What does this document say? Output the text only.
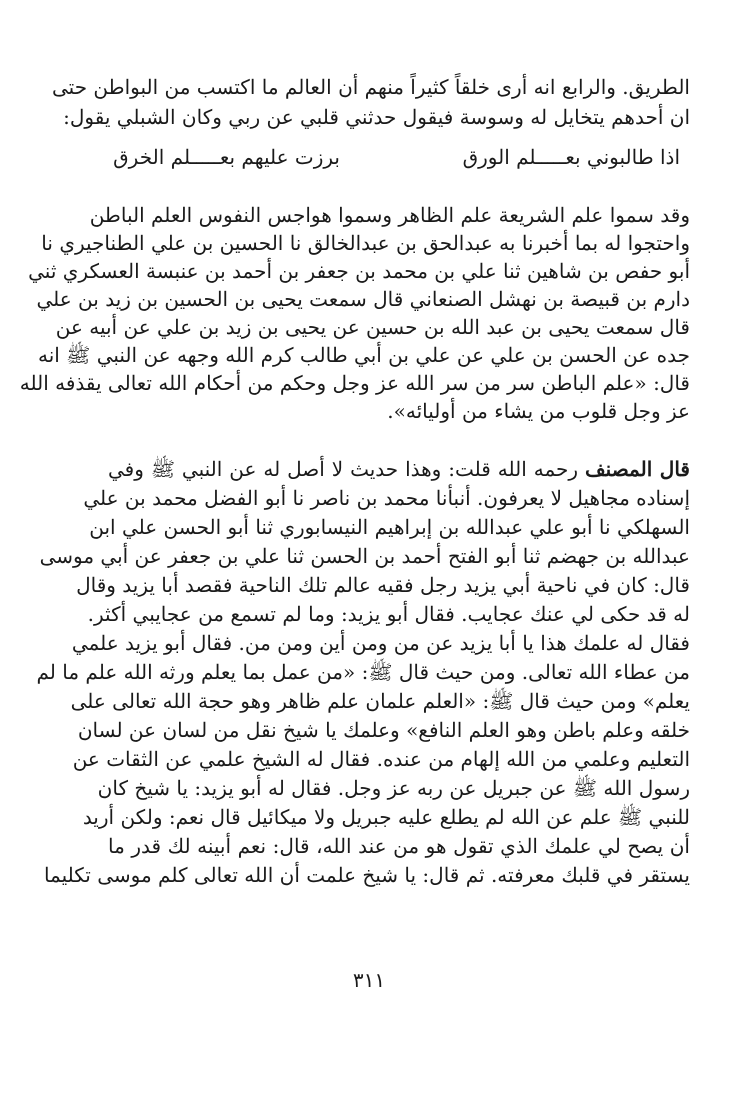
الطريق. والرابع انه أرى خلقاً كثيراً منهم أن العالم ما اكتسب من البواطن حتى
ان أحدهم يتخايل له وسوسة فيقول حدثني قلبي عن ربي وكان الشبلي يقول:
اذا طالبوني بعـــــلم الورق
برزت عليهم بعـــــلم الخرق
وقد سموا علم الشريعة علم الظاهر وسموا هواجس النفوس العلم الباطن
واحتجوا له بما أخبرنا به عبدالحق بن عبدالخالق نا الحسين بن علي الطناجيري نا
أبو حفص بن شاهين ثنا علي بن محمد بن جعفر بن أحمد بن عنبسة العسكري ثني
دارم بن قبيصة بن نهشل الصنعاني قال سمعت يحيى بن الحسين بن زيد بن علي
قال سمعت يحيى بن عبد الله بن حسين عن يحيى بن زيد بن علي عن أبيه عن
جده عن الحسن بن علي عن علي بن أبي طالب كرم الله وجهه عن النبي ﷺ انه
قال: «علم الباطن سر من سر الله عز وجل وحكم من أحكام الله تعالى يقذفه الله
عز وجل قلوب من يشاء من أوليائه».
قال المصنف رحمه الله قلت: وهذا حديث لا أصل له عن النبي ﷺ وفي
إسناده مجاهيل لا يعرفون. أنبأنا محمد بن ناصر نا أبو الفضل محمد بن علي
السهلكي نا أبو علي عبدالله بن إبراهيم النيسابوري ثنا أبو الحسن علي ابن
عبدالله بن جهضم ثنا أبو الفتح أحمد بن الحسن ثنا علي بن جعفر عن أبي موسى
قال: كان في ناحية أبي يزيد رجل فقيه عالم تلك الناحية فقصد أبا يزيد وقال
له قد حكى لي عنك عجايب. فقال أبو يزيد: وما لم تسمع من عجايبي أكثر.
فقال له علمك هذا يا أبا يزيد عن من ومن أين ومن من. فقال أبو يزيد علمي
من عطاء الله تعالى. ومن حيث قال ﷺ: «من عمل بما يعلم ورثه الله علم ما لم
يعلم» ومن حيث قال ﷺ: «العلم علمان علم ظاهر وهو حجة الله تعالى على
خلقه وعلم باطن وهو العلم النافع» وعلمك يا شيخ نقل من لسان عن لسان
التعليم وعلمي من الله إلهام من عنده. فقال له الشيخ علمي عن الثقات عن
رسول الله ﷺ عن جبريل عن ربه عز وجل. فقال له أبو يزيد: يا شيخ كان
للنبي ﷺ علم عن الله لم يطلع عليه جبريل ولا ميكائيل قال نعم: ولكن أريد
أن يصح لي علمك الذي تقول هو من عند الله، قال: نعم أبينه لك قدر ما
يستقر في قلبك معرفته. ثم قال: يا شيخ علمت أن الله تعالى كلم موسى تكليما
٣١١
